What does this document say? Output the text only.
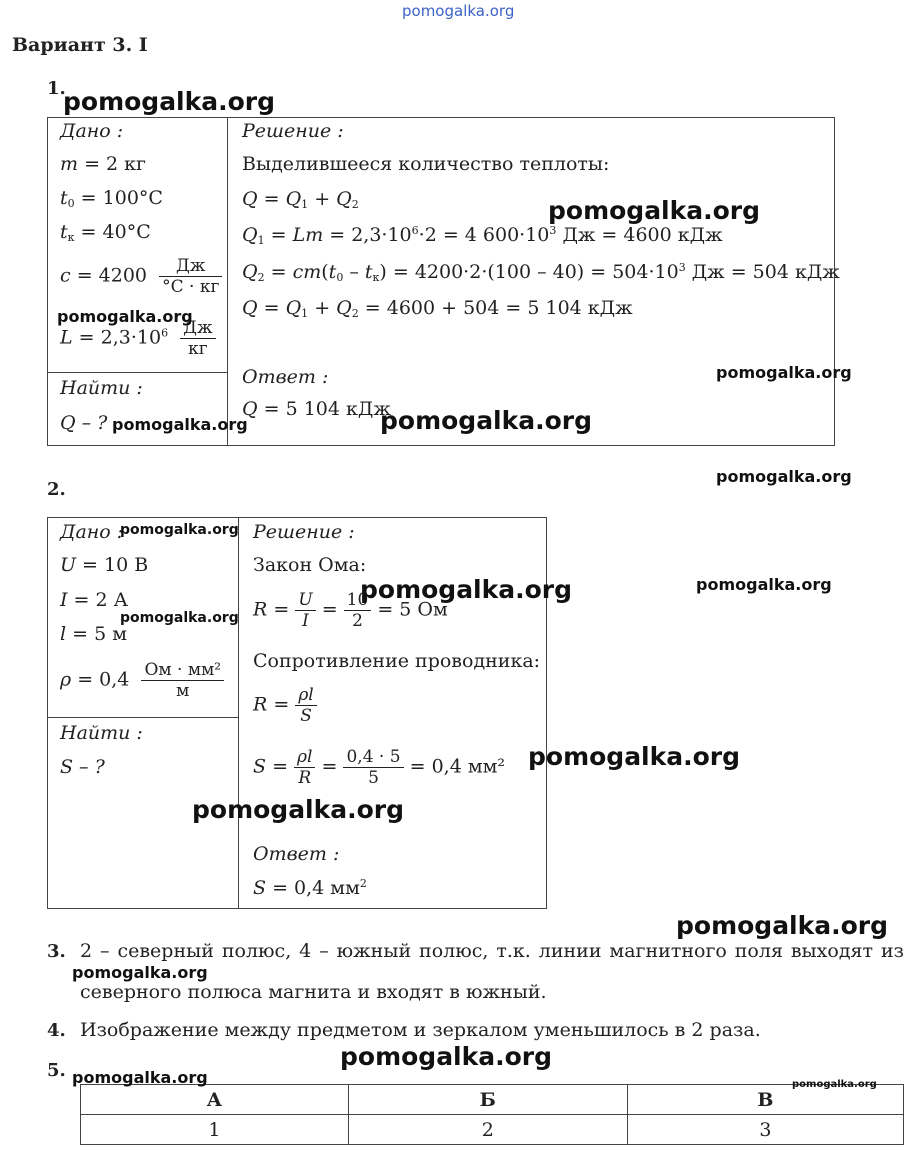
pomogalka.org
Вариант 3. I
1.
Дано :
m = 2 кг
$t_0 = 100^\circ C$
$t_к = 40^\circ C$
$c = 4200 \frac{Дж}{^\circ C \cdot кг}$
$L = 2,3\cdot 10^6 \frac{Дж}{кг}$
Найти :
Q – ?
Решение :
Выделившееся количество теплоты:
$Q = Q_1 + Q_2$
$Q_1 = Lm = 2,3\cdot 10^6\cdot 2 = 4$ $600\cdot 10^3$ Дж = 4600 кДж
$Q_2 = cm(t_0 - t_к) = 4200\cdot 2\cdot(100 - 40) = 504\cdot 10^3$ Дж = 504 кДж
$Q = Q_1 + Q_2 = 4600 + 504 = 5$ 104 кДж
Ответ :
Q = 5 104 кДж
2.
Дано :
U = 10 В
I = 2 А
l = 5 м
$\rho = 0,4 \frac{\text{Ом · мм²}}{м}$
Найти :
S – ?
Решение :
Закон Ома:
$R = \frac{U}{I} = \frac{10}{2} = 5$ Ом
Сопротивление проводника:
$R = \frac{\rho l}{S}$
$S = \frac{\rho l}{R} = \frac{0,4 \cdot 5}{5} = 0,4$ мм²
Ответ :
S = 0,4 $мм^2$
3. 2 – северный полюс, 4 – южный полюс, т.к. линии магнитного поля выходят из
северного полюса магнита и входят в южный.
4. Изображение между предметом и зеркалом уменьшилось в 2 раза.
5.
А	Б	В
1	2	3
pomogalka.org
pomogalka.org
pomogalka.org
pomogalka.org
pomogalka.org	pomogalka.org
pomogalka.org
pomogalka.org
pomogalka.org	pomogalka.org
pomogalka.org
pomogalka.org
pomogalka.org
pomogalka.org
pomogalka.org
pomogalka.org
pomogalka.org	pomogalka.org
